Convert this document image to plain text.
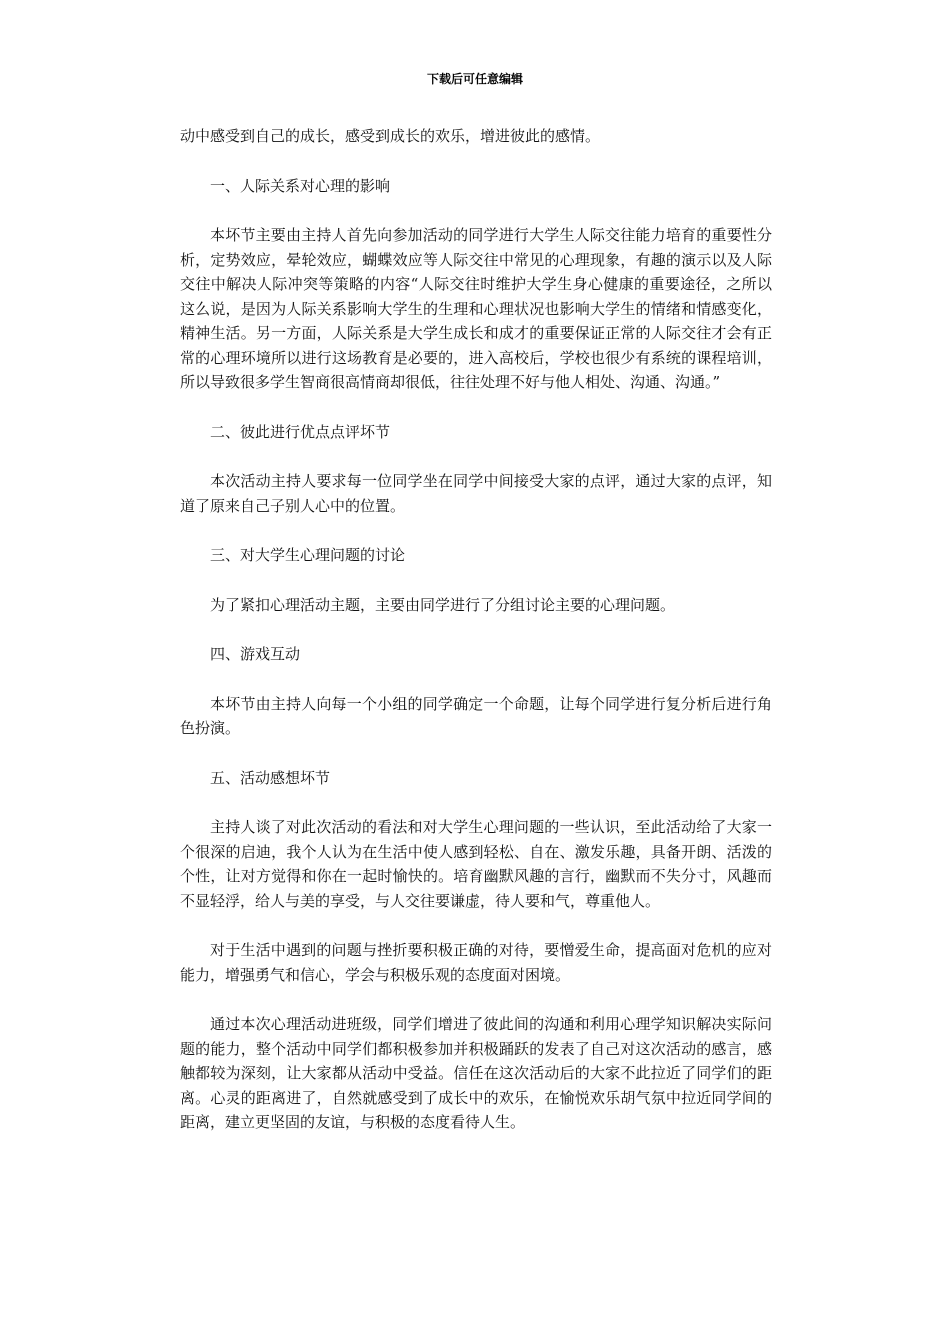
下载后可任意编辑

动中感受到自己的成长，感受到成长的欢乐，增进彼此的感情。

一、人际关系对心理的影响

本坏节主要由主持人首先向参加活动的同学进行大学生人际交往能力培育的重要性分析，定势效应，晕轮效应，蝴蝶效应等人际交往中常见的心理现象，有趣的演示以及人际交往中解决人际冲突等策略的内容“人际交往时维护大学生身心健康的重要途径，之所以这么说，是因为人际关系影响大学生的生理和心理状况也影响大学生的情绪和情感变化，精神生活。另一方面，人际关系是大学生成长和成才的重要保证正常的人际交往才会有正常的心理环境所以进行这场教育是必要的，进入高校后，学校也很少有系统的课程培训，所以导致很多学生智商很高情商却很低，往往处理不好与他人相处、沟通、沟通。”

二、彼此进行优点点评坏节

本次活动主持人要求每一位同学坐在同学中间接受大家的点评，通过大家的点评，知道了原来自己子别人心中的位置。

三、对大学生心理问题的讨论

为了紧扣心理活动主题，主要由同学进行了分组讨论主要的心理问题。

四、游戏互动

本坏节由主持人向每一个小组的同学确定一个命题，让每个同学进行复分析后进行角色扮演。

五、活动感想坏节

主持人谈了对此次活动的看法和对大学生心理问题的一些认识，至此活动给了大家一个很深的启迪，我个人认为在生活中使人感到轻松、自在、激发乐趣，具备开朗、活泼的个性，让对方觉得和你在一起时愉快的。培育幽默风趣的言行，幽默而不失分寸，风趣而不显轻浮，给人与美的享受，与人交往要谦虚，待人要和气，尊重他人。

对于生活中遇到的问题与挫折要积极正确的对待，要憎爱生命，提高面对危机的应对能力，增强勇气和信心，学会与积极乐观的态度面对困境。

通过本次心理活动进班级，同学们增进了彼此间的沟通和利用心理学知识解决实际问题的能力，整个活动中同学们都积极参加并积极踊跃的发表了自己对这次活动的感言，感触都较为深刻，让大家都从活动中受益。信任在这次活动后的大家不此拉近了同学们的距离。心灵的距离进了，自然就感受到了成长中的欢乐，在愉悦欢乐胡气氛中拉近同学间的距离，建立更坚固的友谊，与积极的态度看待人生。
